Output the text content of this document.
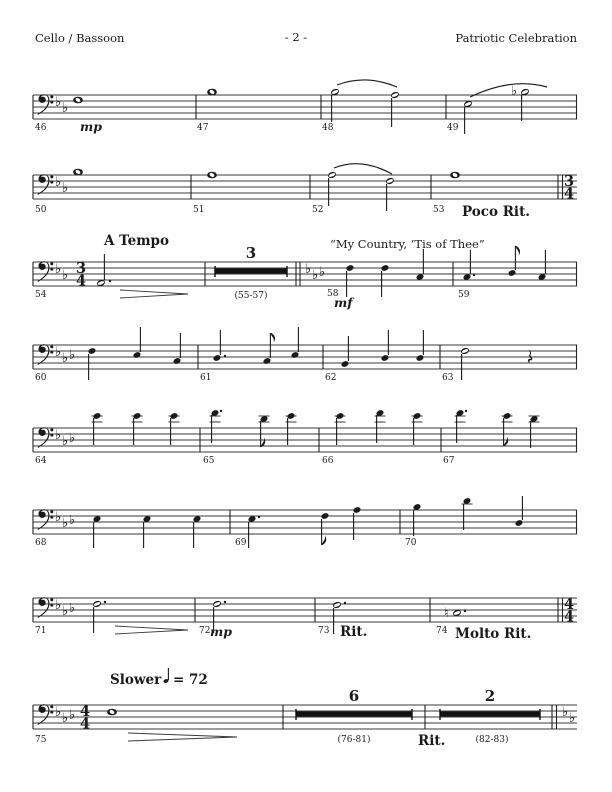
Cello / Bassoon	- 2 -	Patriotic Celebration
♭ ♭
♭
46	47	48	49
mp
♭ ♭	3
4
50	51	52	53 Poco Rit.
A Tempo	“My Country, ’Tis of Thee”
♭ ♭ 3
4
3
♭ ♭ ♭
54	(55-57)	58
mf	59
♭ ♭ ♭
60	61	62	63
♭ ♭ ♭
64	65	66	67
♭ ♭ ♭
68	69	70
♭ ♭ ♭	♮
4
4
71	72 mp	73 Rit.	74 Molto Rit.
Slower = 72
♭ ♭ ♭ 4
4
6	2
♭ ♭
75	(76-81)	Rit.	(82-83)
